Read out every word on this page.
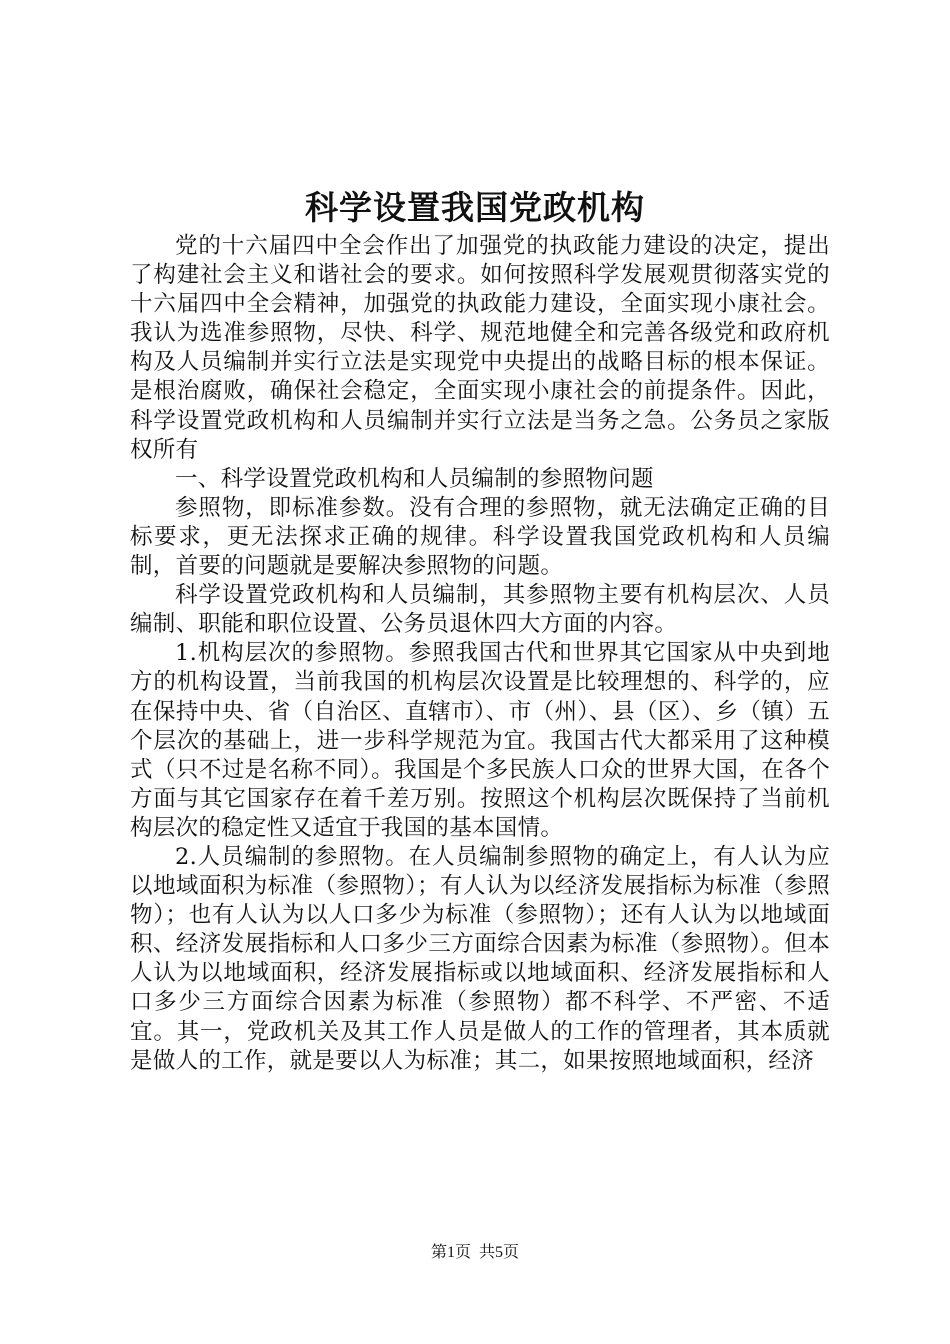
科学设置我国党政机构

党的十六届四中全会作出了加强党的执政能力建设的决定，提出了构建社会主义和谐社会的要求。如何按照科学发展观贯彻落实党的十六届四中全会精神，加强党的执政能力建设，全面实现小康社会。我认为选准参照物，尽快、科学、规范地健全和完善各级党和政府机构及人员编制并实行立法是实现党中央提出的战略目标的根本保证。是根治腐败，确保社会稳定，全面实现小康社会的前提条件。因此，科学设置党政机构和人员编制并实行立法是当务之急。公务员之家版权所有

一、科学设置党政机构和人员编制的参照物问题

参照物，即标准参数。没有合理的参照物，就无法确定正确的目标要求，更无法探求正确的规律。科学设置我国党政机构和人员编制，首要的问题就是要解决参照物的问题。

科学设置党政机构和人员编制，其参照物主要有机构层次、人员编制、职能和职位设置、公务员退休四大方面的内容。

1.机构层次的参照物。参照我国古代和世界其它国家从中央到地方的机构设置，当前我国的机构层次设置是比较理想的、科学的，应在保持中央、省（自治区、直辖市）、市（州）、县（区）、乡（镇）五个层次的基础上，进一步科学规范为宜。我国古代大都采用了这种模式（只不过是名称不同）。我国是个多民族人口众的世界大国，在各个方面与其它国家存在着千差万别。按照这个机构层次既保持了当前机构层次的稳定性又适宜于我国的基本国情。

2.人员编制的参照物。在人员编制参照物的确定上，有人认为应以地域面积为标准（参照物）；有人认为以经济发展指标为标准（参照物）；也有人认为以人口多少为标准（参照物）；还有人认为以地域面积、经济发展指标和人口多少三方面综合因素为标准（参照物）。但本人认为以地域面积，经济发展指标或以地域面积、经济发展指标和人口多少三方面综合因素为标准（参照物）都不科学、不严密、不适宜。其一，党政机关及其工作人员是做人的工作的管理者，其本质就是做人的工作，就是要以人为标准；其二，如果按照地域面积，经济

第1页 共5页
